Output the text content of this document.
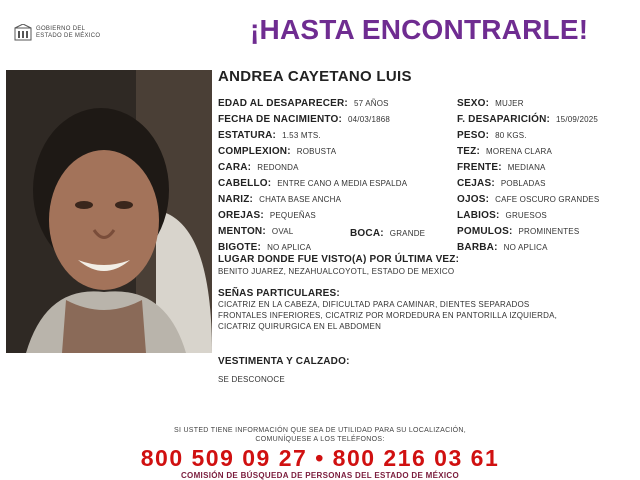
GOBIERNO DEL
ESTADO DE MÉXICO	¡HASTA ENCONTRARLE!
ANDREA CAYETANO LUIS
EDAD AL DESAPARECER: 57 AÑOS
FECHA DE NACIMIENTO: 04/03/1868
ESTATURA: 1.53 MTS.
COMPLEXION: ROBUSTA
CARA: REDONDA
CABELLO: ENTRE CANO A MEDIA ESPALDA
NARIZ: CHATA BASE ANCHA
OREJAS: PEQUEÑAS
MENTON: OVAL	BOCA: GRANDE
BIGOTE: NO APLICA
SEXO: MUJER
F. DESAPARICIÓN: 15/09/2025
PESO: 80 KGS.
TEZ: MORENA CLARA
FRENTE: MEDIANA
CEJAS: POBLADAS
OJOS: CAFE OSCURO GRANDES
LABIOS: GRUESOS
POMULOS: PROMINENTES
BARBA: NO APLICA
LUGAR DONDE FUE VISTO(A) POR ÚLTIMA VEZ:
BENITO JUAREZ, NEZAHUALCOYOTL, ESTADO DE MEXICO
SEÑAS PARTICULARES:
CICATRIZ EN LA CABEZA, DIFICULTAD PARA CAMINAR, DIENTES SEPARADOS
FRONTALES INFERIORES, CICATRIZ POR MORDEDURA EN PANTORILLA IZQUIERDA,
CICATRIZ QUIRURGICA EN EL ABDOMEN
VESTIMENTA Y CALZADO:
SE DESCONOCE
SI USTED TIENE INFORMACIÓN QUE SEA DE UTILIDAD PARA SU LOCALIZACIÓN,
COMUNÍQUESE A LOS TELÉFONOS:
800 509 09 27 • 800 216 03 61
COMISIÓN DE BÚSQUEDA DE PERSONAS DEL ESTADO DE MÉXICO
